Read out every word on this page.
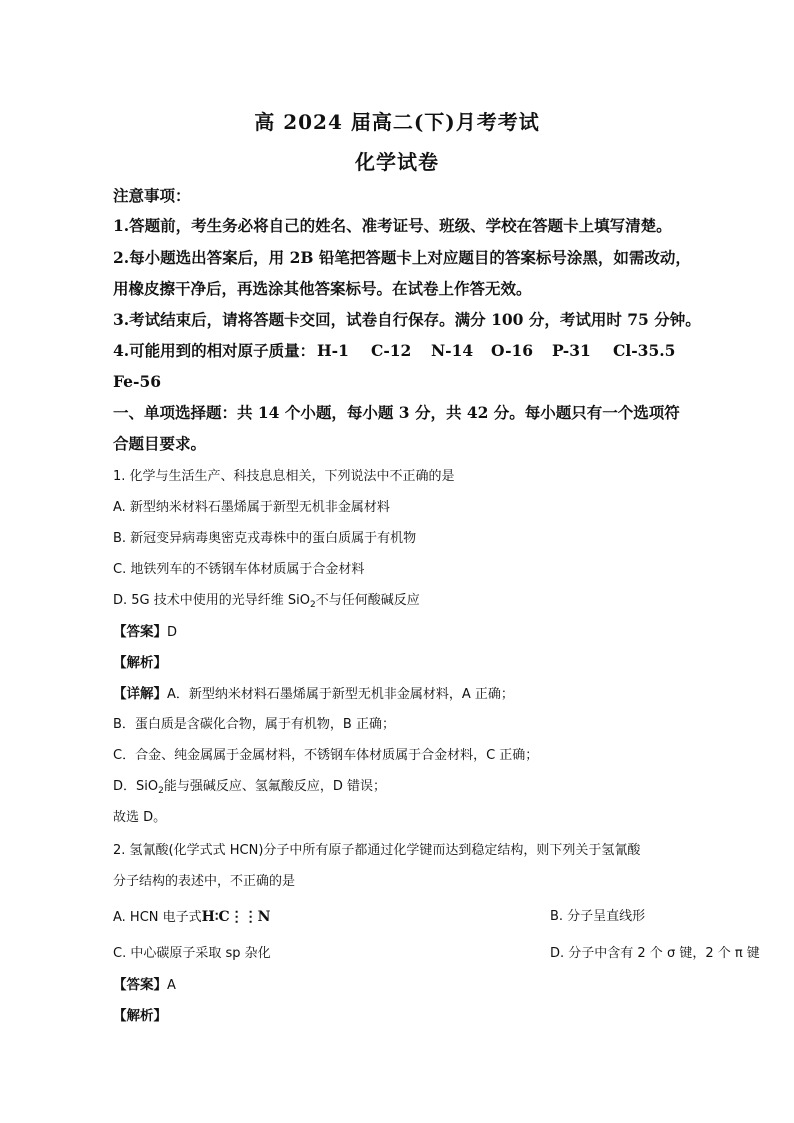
高 2024 届高二(下)月考考试
化学试卷
注意事项：
1.答题前，考生务必将自己的姓名、准考证号、班级、学校在答题卡上填写清楚。
2.每小题选出答案后，用 2B 铅笔把答题卡上对应题目的答案标号涂黑，如需改动，
用橡皮擦干净后，再选涂其他答案标号。在试卷上作答无效。
3.考试结束后，请将答题卡交回，试卷自行保存。满分 100 分，考试用时 75 分钟。
4.可能用到的相对原子质量： H-1 C-12 N-14 O-16 P-31 Cl-35.5
Fe-56
一、单项选择题：共 14 个小题，每小题 3 分，共 42 分。每小题只有一个选项符
合题目要求。
1. 化学与生活生产、科技息息相关，下列说法中不正确的是
A. 新型纳米材料石墨烯属于新型无机非金属材料
B. 新冠变异病毒奥密克戎毒株中的蛋白质属于有机物
C. 地铁列车的不锈钢车体材质属于合金材料
D. 5G 技术中使用的光导纤维 SiO$_2$不与任何酸碱反应
【答案】D
【解析】
【详解】A．新型纳米材料石墨烯属于新型无机非金属材料，A 正确；
B．蛋白质是含碳化合物，属于有机物，B 正确；
C．合金、纯金属属于金属材料，不锈钢车体材质属于合金材料，C 正确；
D．SiO$_2$能与强碱反应、氢氟酸反应，D 错误；
故选 D。
2. 氢氰酸(化学式式 HCN)分子中所有原子都通过化学键而达到稳定结构，则下列关于氢氰酸
分子结构的表述中，不正确的是
A. HCN 电子式H∶C⋮⋮N	B. 分子呈直线形
C. 中心碳原子采取 sp 杂化	D. 分子中含有 2 个 σ 键，2 个 π 键
【答案】A
【解析】
